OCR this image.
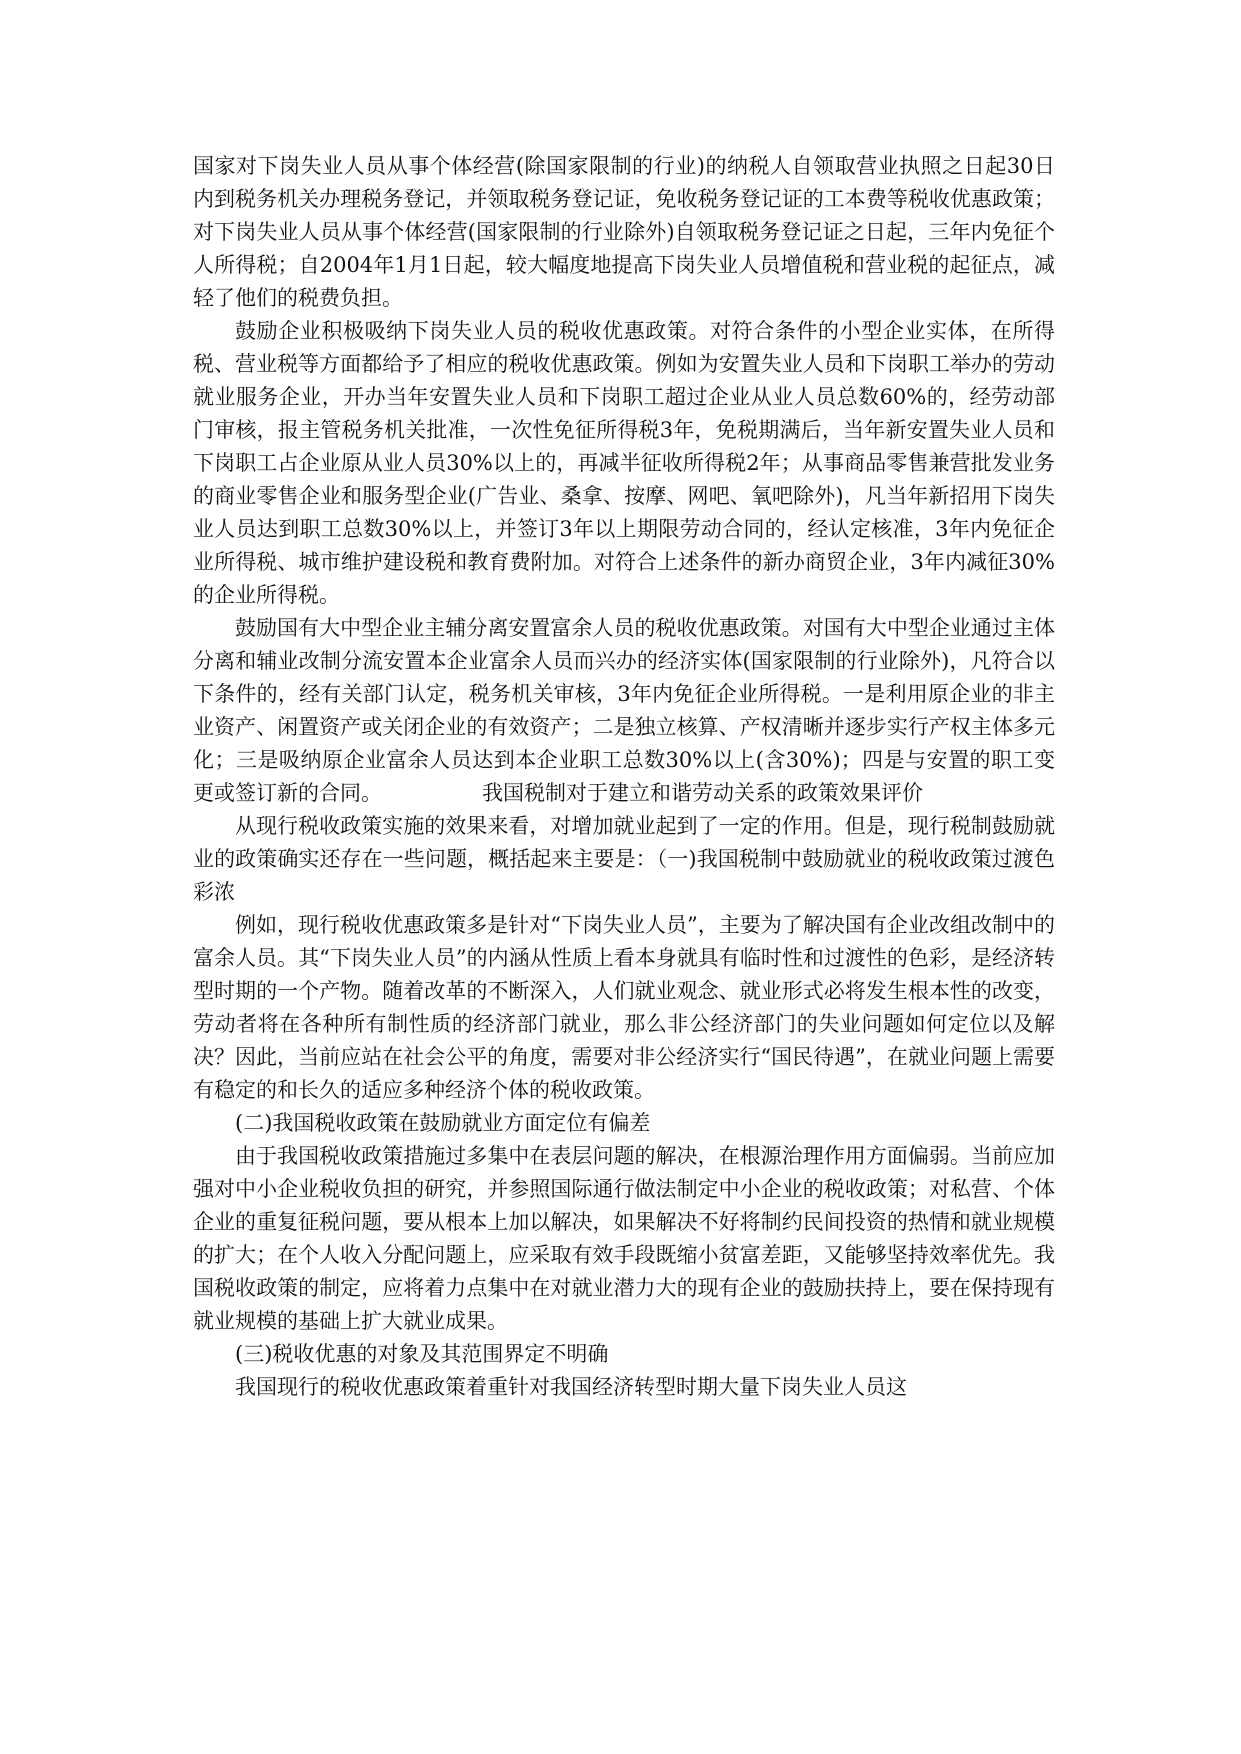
国家对下岗失业人员从事个体经营(除国家限制的行业)的纳税人自领取营业执照之日起30日内到税务机关办理税务登记，并领取税务登记证，免收税务登记证的工本费等税收优惠政策；对下岗失业人员从事个体经营(国家限制的行业除外)自领取税务登记证之日起，三年内免征个人所得税；自2004年1月1日起，较大幅度地提高下岗失业人员增值税和营业税的起征点，减轻了他们的税费负担。

鼓励企业积极吸纳下岗失业人员的税收优惠政策。对符合条件的小型企业实体，在所得税、营业税等方面都给予了相应的税收优惠政策。例如为安置失业人员和下岗职工举办的劳动就业服务企业，开办当年安置失业人员和下岗职工超过企业从业人员总数60%的，经劳动部门审核，报主管税务机关批准，一次性免征所得税3年，免税期满后，当年新安置失业人员和下岗职工占企业原从业人员30%以上的，再减半征收所得税2年；从事商品零售兼营批发业务的商业零售企业和服务型企业(广告业、桑拿、按摩、网吧、氧吧除外)，凡当年新招用下岗失业人员达到职工总数30%以上，并签订3年以上期限劳动合同的，经认定核准，3年内免征企业所得税、城市维护建设税和教育费附加。对符合上述条件的新办商贸企业，3年内减征30%的企业所得税。

鼓励国有大中型企业主辅分离安置富余人员的税收优惠政策。对国有大中型企业通过主体分离和辅业改制分流安置本企业富余人员而兴办的经济实体(国家限制的行业除外)，凡符合以下条件的，经有关部门认定，税务机关审核，3年内免征企业所得税。一是利用原企业的非主业资产、闲置资产或关闭企业的有效资产；二是独立核算、产权清晰并逐步实行产权主体多元化；三是吸纳原企业富余人员达到本企业职工总数30%以上(含30%)；四是与安置的职工变更或签订新的合同。	我国税制对于建立和谐劳动关系的政策效果评价

从现行税收政策实施的效果来看，对增加就业起到了一定的作用。但是，现行税制鼓励就业的政策确实还存在一些问题，概括起来主要是：（一)我国税制中鼓励就业的税收政策过渡色彩浓

例如，现行税收优惠政策多是针对“下岗失业人员”，主要为了解决国有企业改组改制中的富余人员。其“下岗失业人员”的内涵从性质上看本身就具有临时性和过渡性的色彩，是经济转型时期的一个产物。随着改革的不断深入，人们就业观念、就业形式必将发生根本性的改变，劳动者将在各种所有制性质的经济部门就业，那么非公经济部门的失业问题如何定位以及解决？因此，当前应站在社会公平的角度，需要对非公经济实行“国民待遇”，在就业问题上需要有稳定的和长久的适应多种经济个体的税收政策。

(二)我国税收政策在鼓励就业方面定位有偏差

由于我国税收政策措施过多集中在表层问题的解决，在根源治理作用方面偏弱。当前应加强对中小企业税收负担的研究，并参照国际通行做法制定中小企业的税收政策；对私营、个体企业的重复征税问题，要从根本上加以解决，如果解决不好将制约民间投资的热情和就业规模的扩大；在个人收入分配问题上，应采取有效手段既缩小贫富差距，又能够坚持效率优先。我国税收政策的制定，应将着力点集中在对就业潜力大的现有企业的鼓励扶持上，要在保持现有就业规模的基础上扩大就业成果。

(三)税收优惠的对象及其范围界定不明确

我国现行的税收优惠政策着重针对我国经济转型时期大量下岗失业人员这
